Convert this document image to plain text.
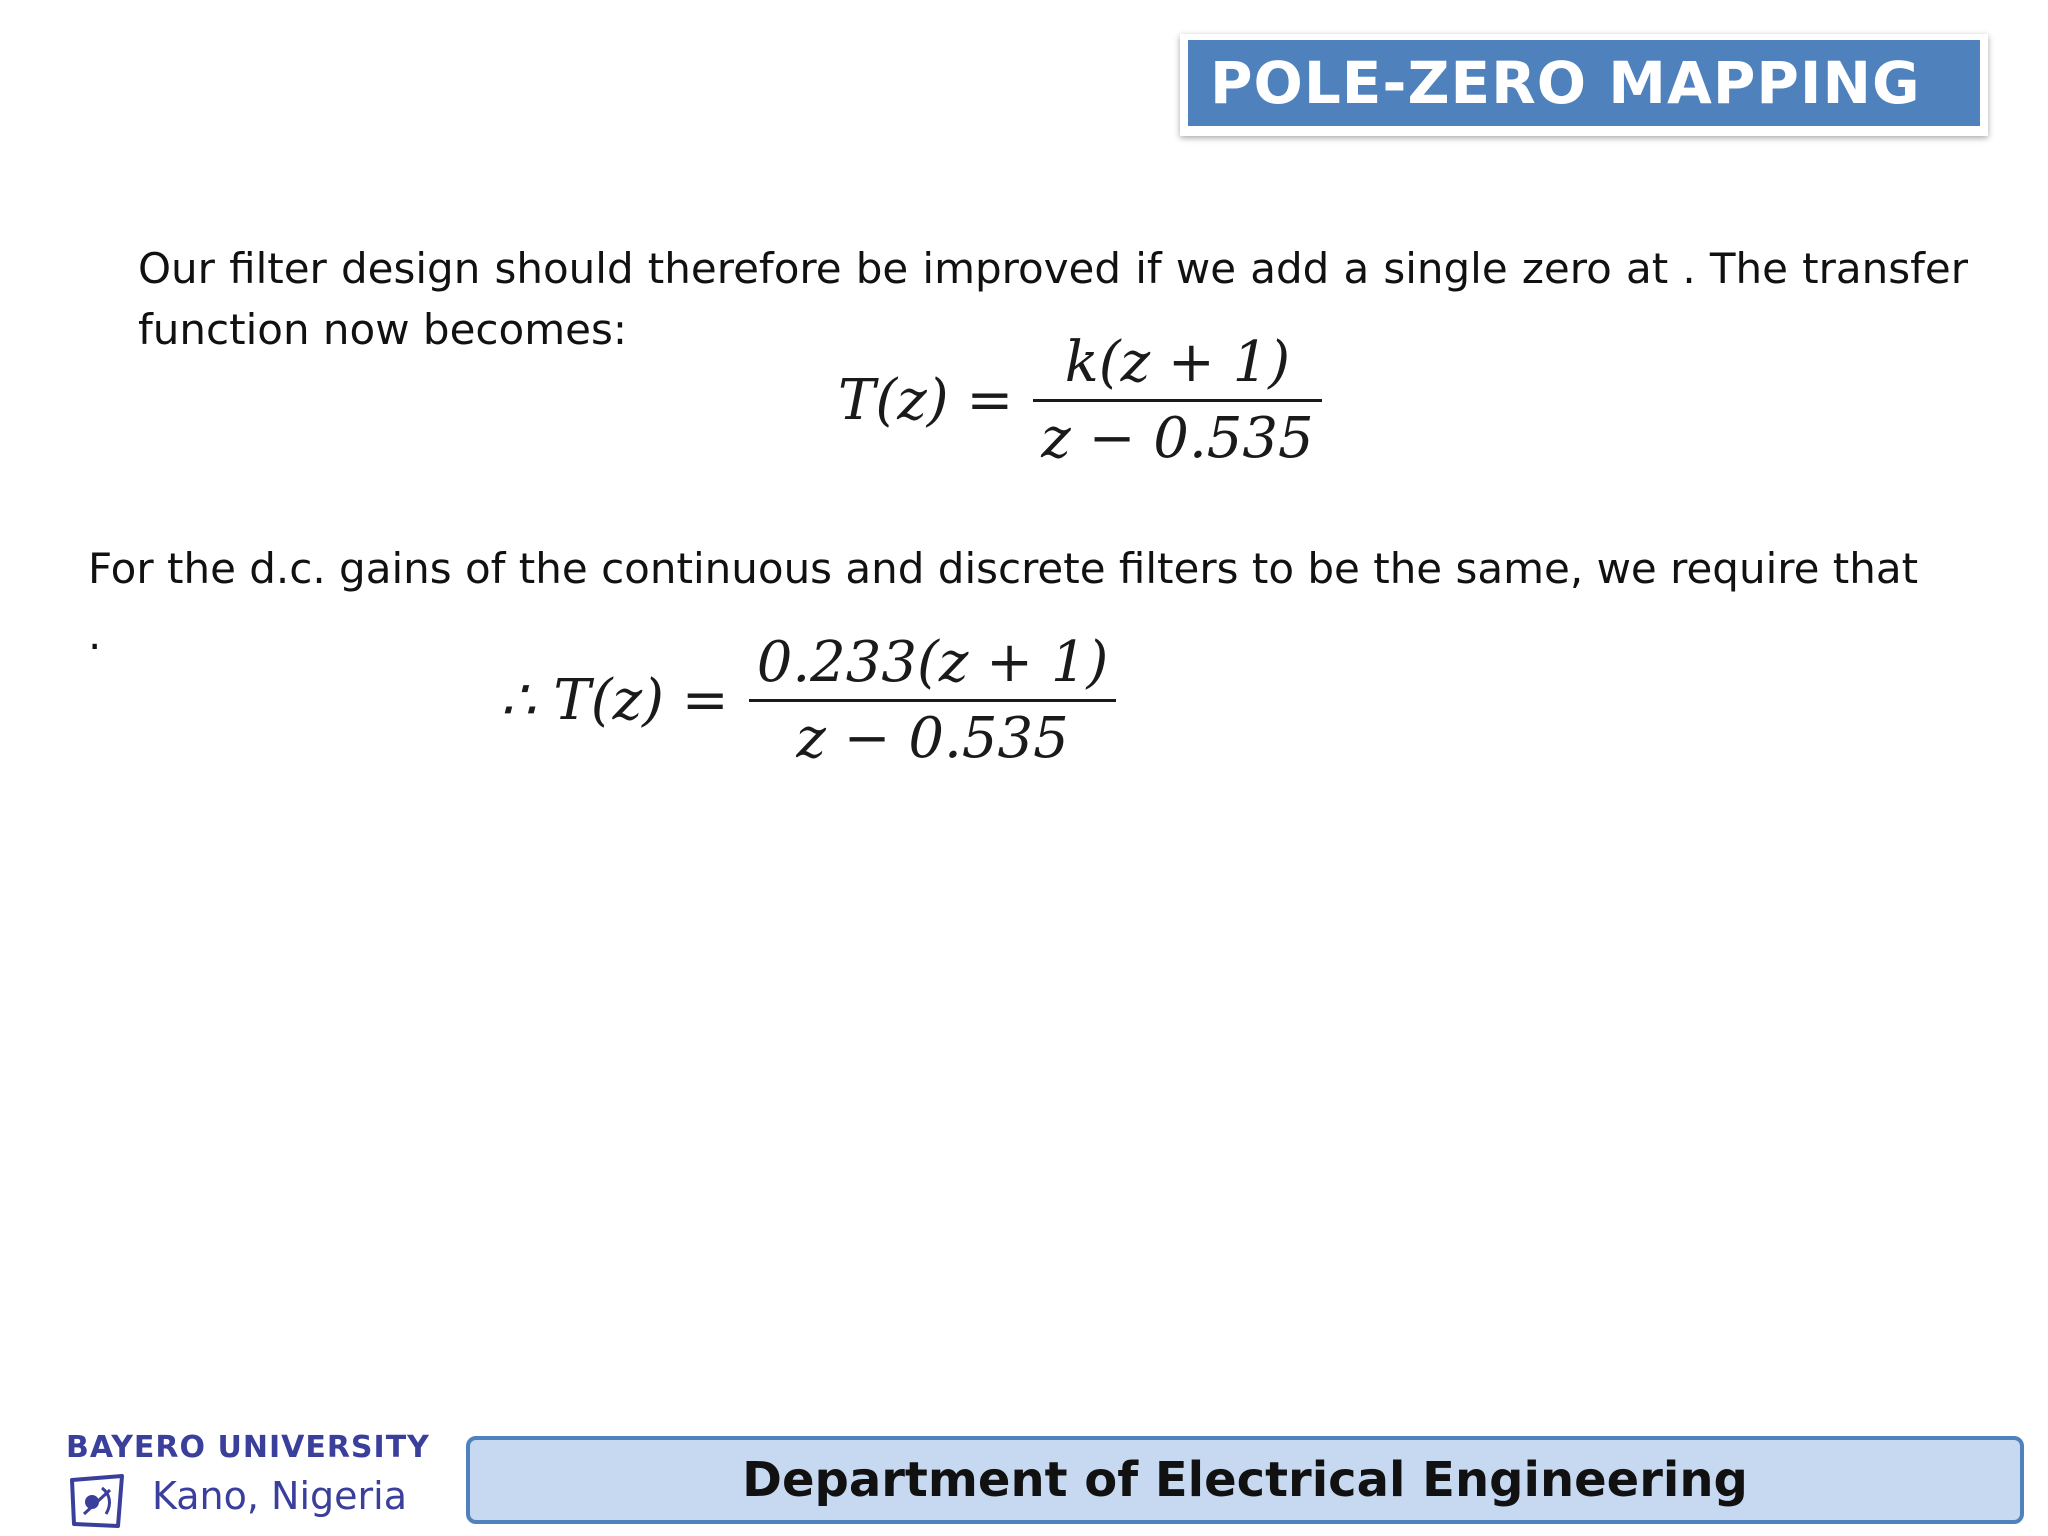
POLE-ZERO MAPPING
Our filter design should therefore be improved if we add a single zero at . The transfer function now becomes:
$T(z) = \frac{k(z + 1)}{z - 0.535}$
For the d.c. gains of the continuous and discrete filters to be the same, we require that
.
∴ $T(z) = \frac{0.233(z + 1)}{z - 0.535}$
BAYERO UNIVERSITY
Kano, Nigeria	Department of Electrical Engineering
